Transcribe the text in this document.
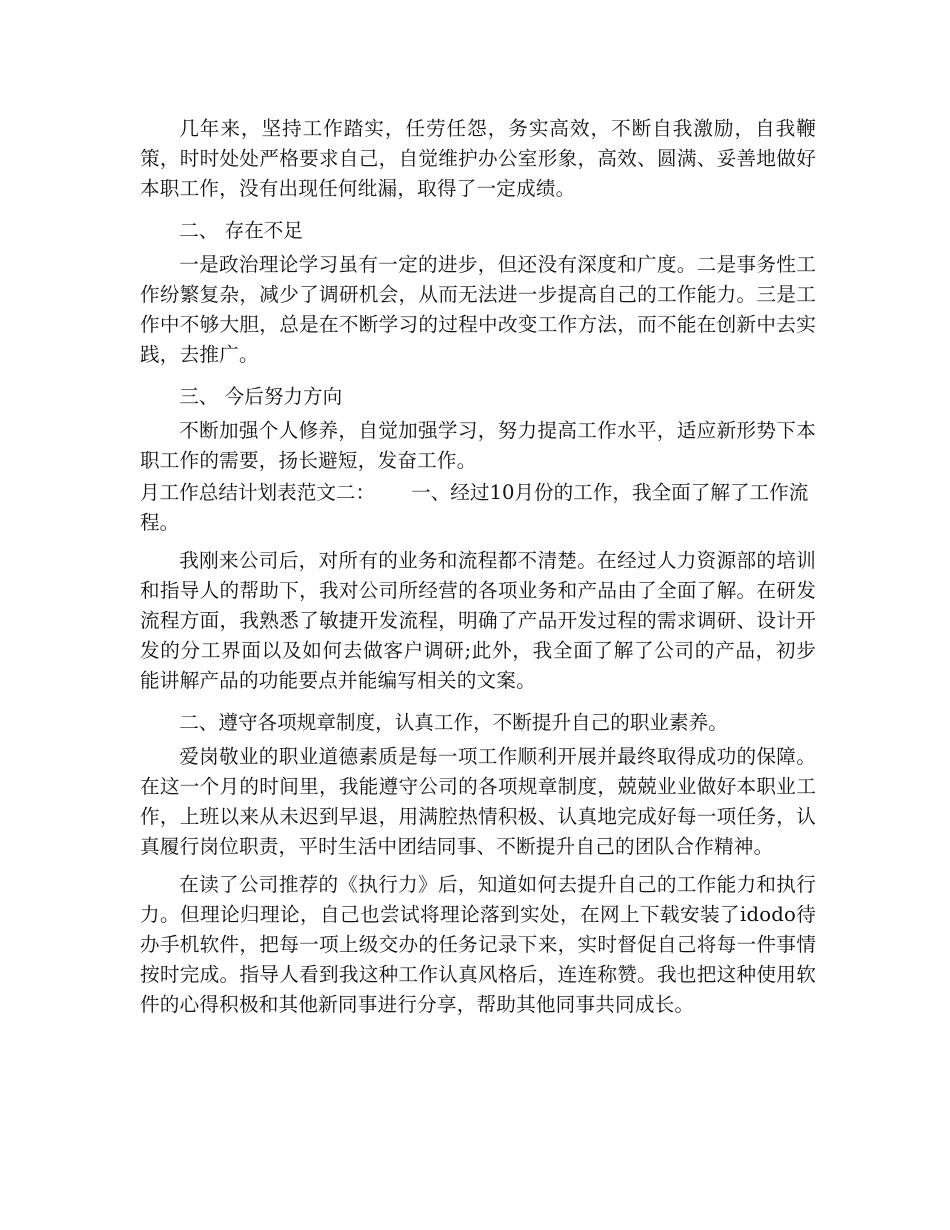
几年来，坚持工作踏实，任劳任怨，务实高效，不断自我激励，自我鞭策，时时处处严格要求自己，自觉维护办公室形象，高效、圆满、妥善地做好本职工作，没有出现任何纰漏，取得了一定成绩。

二、 存在不足

一是政治理论学习虽有一定的进步，但还没有深度和广度。二是事务性工作纷繁复杂，减少了调研机会，从而无法进一步提高自己的工作能力。三是工作中不够大胆，总是在不断学习的过程中改变工作方法，而不能在创新中去实践，去推广。

三、 今后努力方向

不断加强个人修养，自觉加强学习，努力提高工作水平，适应新形势下本职工作的需要，扬长避短，发奋工作。

月工作总结计划表范文二： 一、经过10月份的工作，我全面了解了工作流

程。

我刚来公司后，对所有的业务和流程都不清楚。在经过人力资源部的培训和指导人的帮助下，我对公司所经营的各项业务和产品由了全面了解。在研发流程方面，我熟悉了敏捷开发流程，明确了产品开发过程的需求调研、设计开发的分工界面以及如何去做客户调研;此外，我全面了解了公司的产品，初步能讲解产品的功能要点并能编写相关的文案。

二、遵守各项规章制度，认真工作，不断提升自己的职业素养。

爱岗敬业的职业道德素质是每一项工作顺利开展并最终取得成功的保障。在这一个月的时间里，我能遵守公司的各项规章制度，兢兢业业做好本职业工作，上班以来从未迟到早退，用满腔热情积极、认真地完成好每一项任务，认真履行岗位职责，平时生活中团结同事、不断提升自己的团队合作精神。

在读了公司推荐的《执行力》后，知道如何去提升自己的工作能力和执行力。但理论归理论，自己也尝试将理论落到实处，在网上下载安装了idodo待办手机软件，把每一项上级交办的任务记录下来，实时督促自己将每一件事情按时完成。指导人看到我这种工作认真风格后，连连称赞。我也把这种使用软件的心得积极和其他新同事进行分享，帮助其他同事共同成长。
